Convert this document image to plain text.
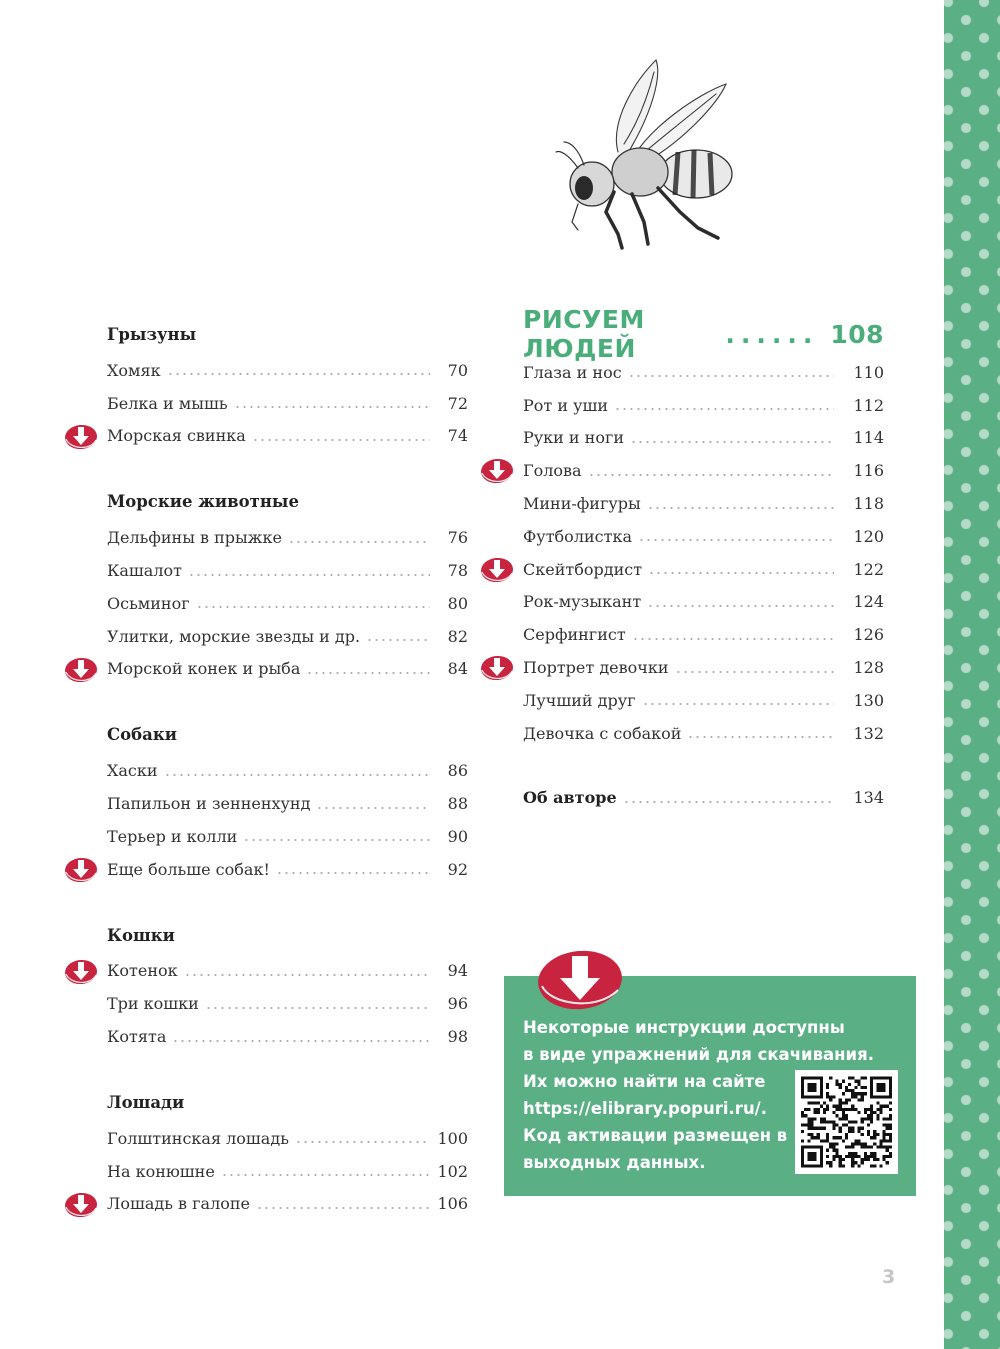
Грызуны
Хомяк	70
Белка и мышь	72
Морская свинка	74
Морские животные
Дельфины в прыжке	76
Кашалот	78
Осьминог	80
Улитки, морские звезды и др.	82
Морской конек и рыба	84
Собаки
Хаски	86
Папильон и зенненхунд	88
Терьер и колли	90
Еще больше собак!	92
Кошки
Котенок	94
Три кошки	96
Котята	98
Лошади
Голштинская лошадь	100
На конюшне	102
Лошадь в галопе	106
РИСУЕМ ЛЮДЕЙ	...... 108
Глаза и нос	110
Рот и уши	112
Руки и ноги	114
Голова	116
Мини-фигуры	118
Футболистка	120
Скейтбордист	122
Рок-музыкант	124
Серфингист	126
Портрет девочки	128
Лучший друг	130
Девочка с собакой	132
Об авторе	134
Некоторые инструкции доступны
в виде упражнений для скачивания.
Их можно найти на сайте
https://elibrary.popuri.ru/.
Код активации размещен в
выходных данных.
3
